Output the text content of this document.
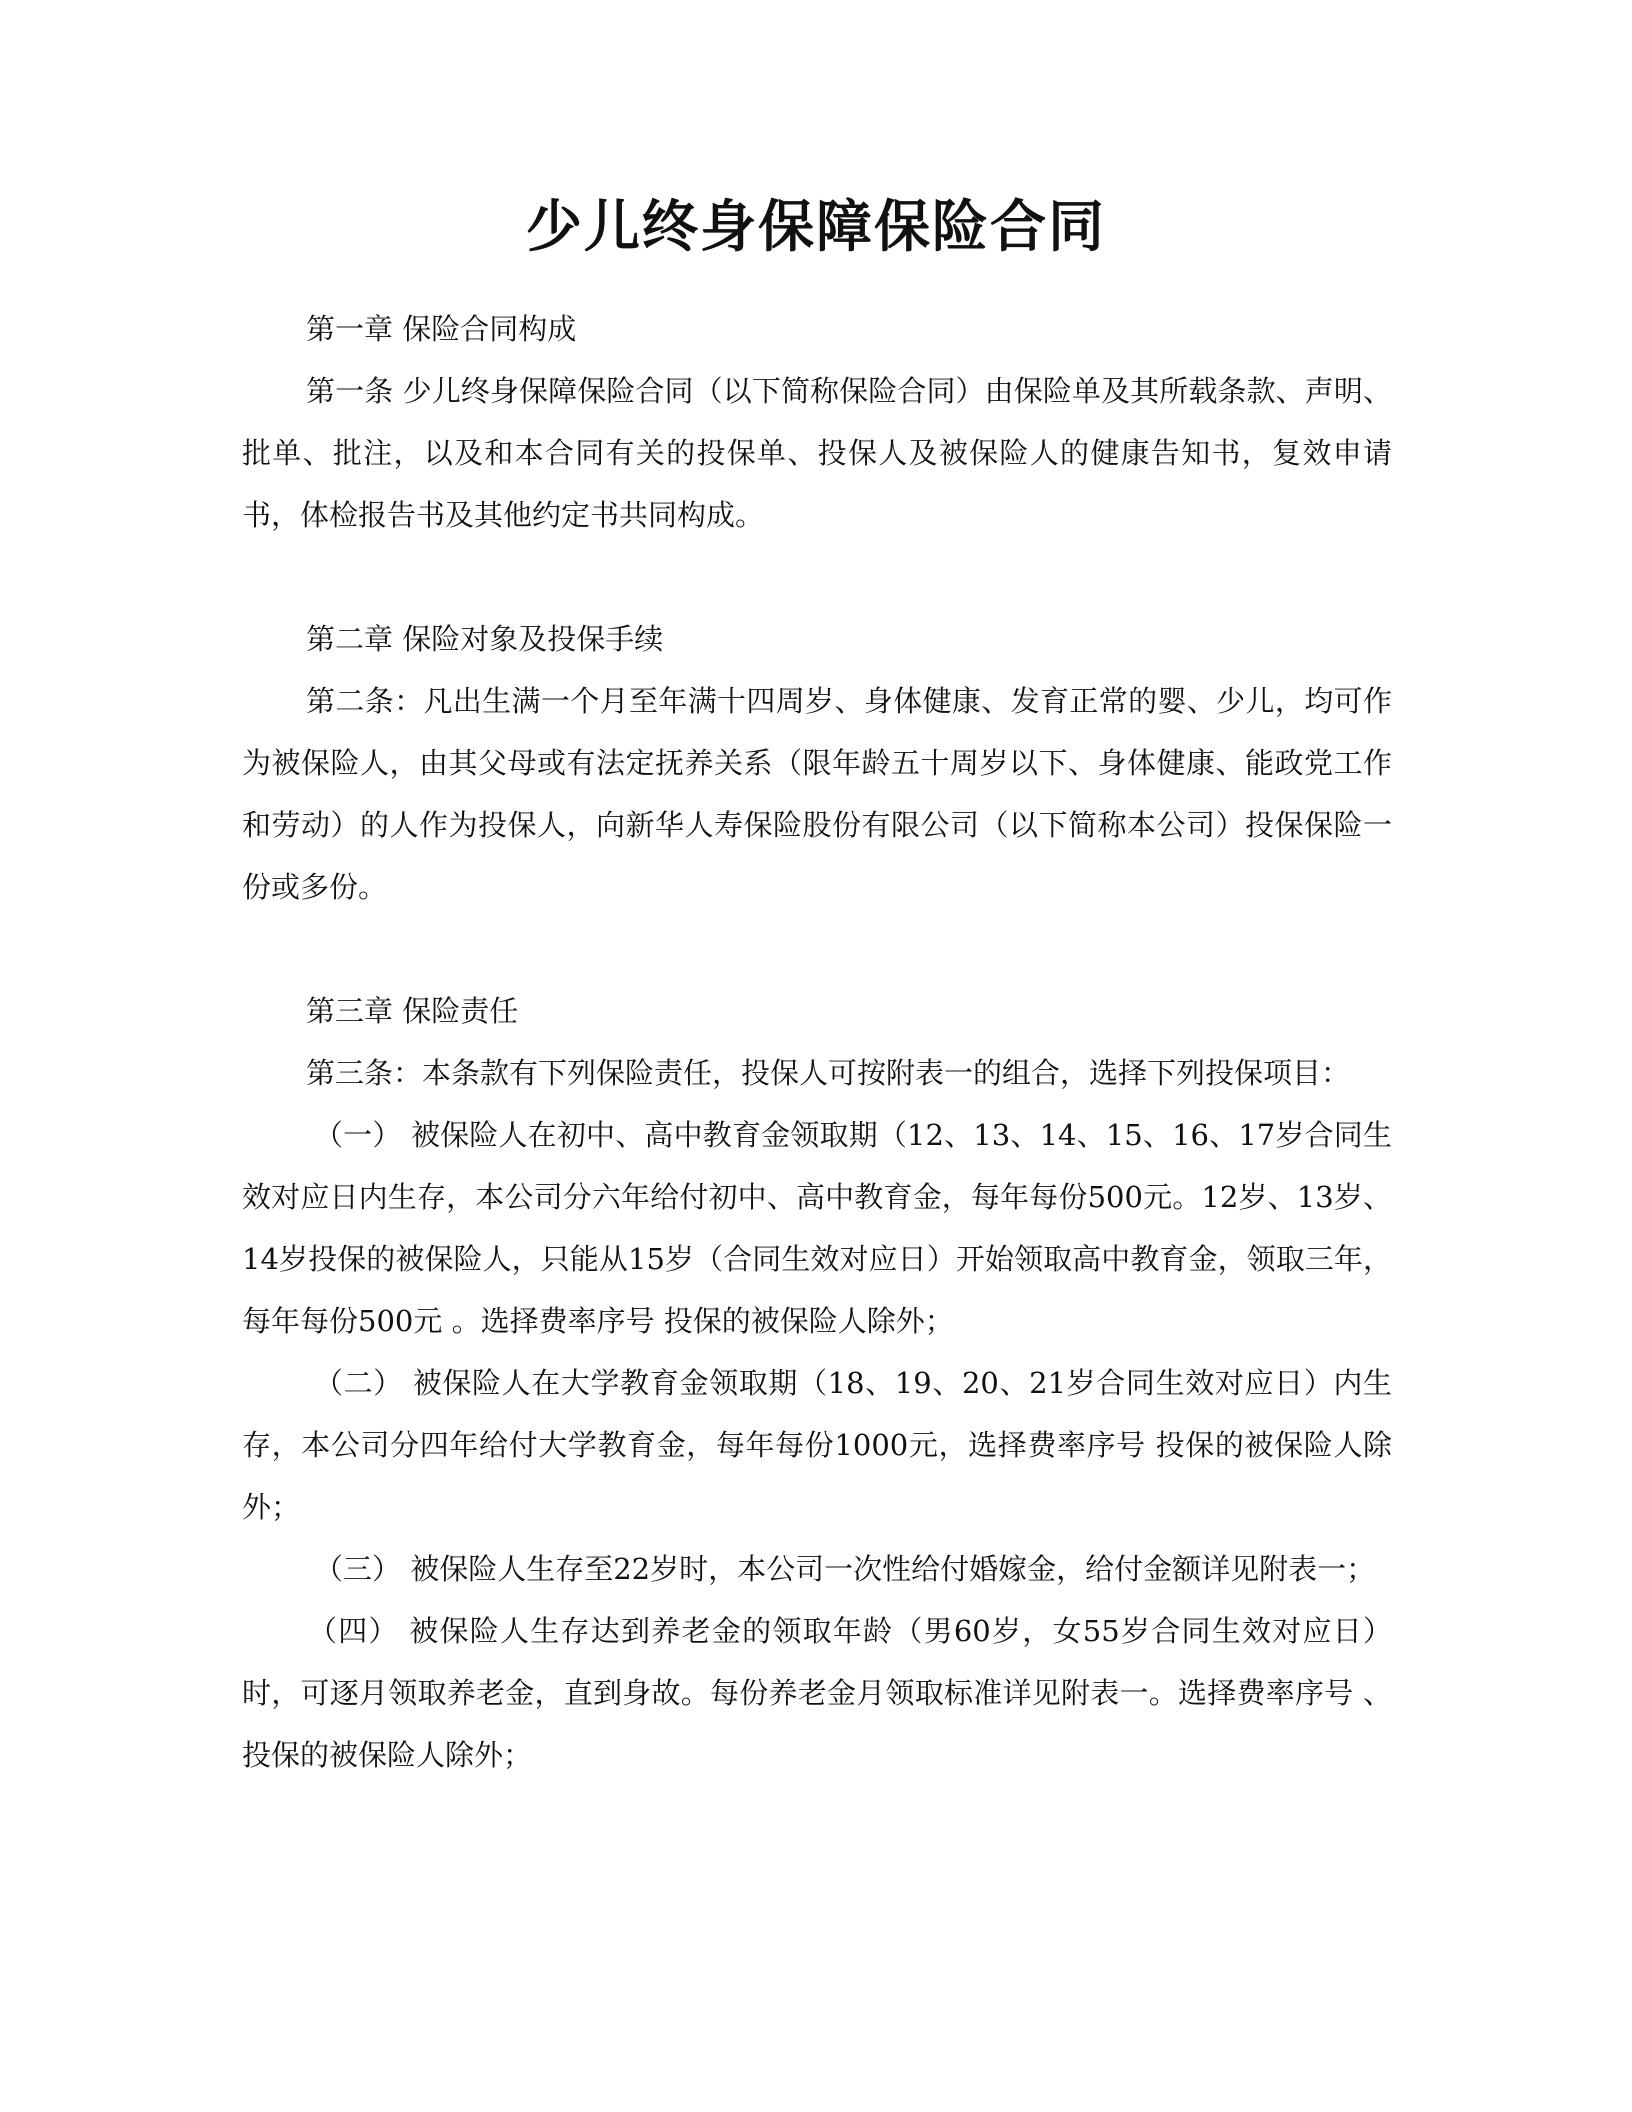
少儿终身保障保险合同

第一章 保险合同构成

第一条 少儿终身保障保险合同（以下简称保险合同）由保险单及其所载条款、声明、批单、批注，以及和本合同有关的投保单、投保人及被保险人的健康告知书，复效申请书，体检报告书及其他约定书共同构成。

第二章 保险对象及投保手续

第二条：凡出生满一个月至年满十四周岁、身体健康、发育正常的婴、少儿，均可作为被保险人，由其父母或有法定抚养关系（限年龄五十周岁以下、身体健康、能政党工作和劳动）的人作为投保人，向新华人寿保险股份有限公司（以下简称本公司）投保保险一份或多份。

第三章 保险责任

第三条：本条款有下列保险责任，投保人可按附表一的组合，选择下列投保项目：

（一） 被保险人在初中、高中教育金领取期（12、13、14、15、16、17岁合同生效对应日内生存，本公司分六年给付初中、高中教育金，每年每份500元。12岁、13岁、14岁投保的被保险人，只能从15岁（合同生效对应日）开始领取高中教育金，领取三年，每年每份500元 。选择费率序号 投保的被保险人除外；

（二） 被保险人在大学教育金领取期（18、19、20、21岁合同生效对应日）内生存，本公司分四年给付大学教育金，每年每份1000元，选择费率序号 投保的被保险人除外；

（三） 被保险人生存至22岁时，本公司一次性给付婚嫁金，给付金额详见附表一；

（四） 被保险人生存达到养老金的领取年龄（男60岁，女55岁合同生效对应日）时，可逐月领取养老金，直到身故。每份养老金月领取标准详见附表一。选择费率序号 、 投保的被保险人除外；
